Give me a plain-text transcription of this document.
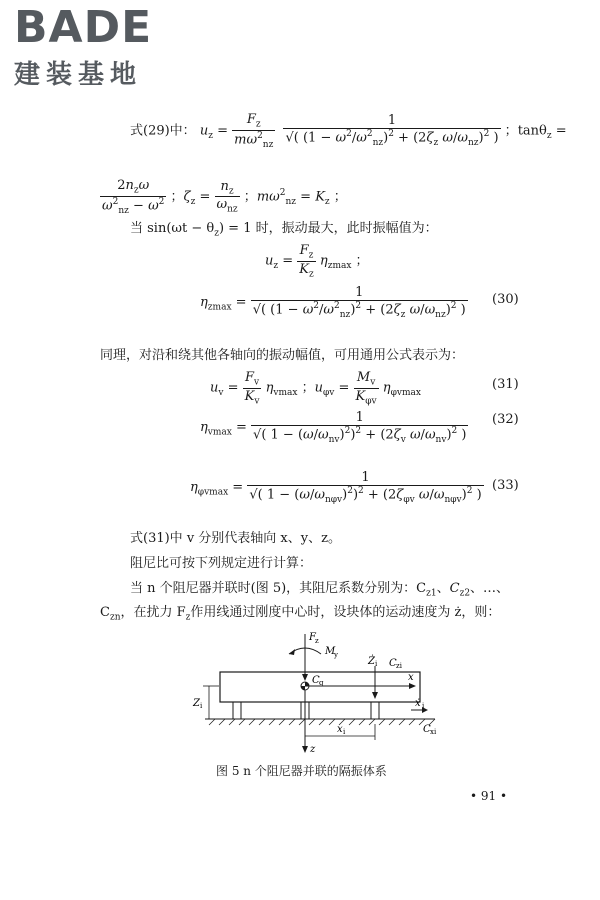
BADE
建装基地
式(29)中： $u_z = \frac{F_z}{m\omega^2_{nz}}$
$\frac{1}{√( (1 - \omega^2/\omega^2_{nz})^2 + (2\zeta_z \omega/\omega_{nz})^2 )}$ ；tanθ$_z$ =
$\frac{2n_z\omega}{\omega^2_{nz} - \omega^2}$ ；$\zeta_z = \frac{n_z}{\omega_{nz}}$ ；$m\omega^2_{nz} = K_z$ ；
当 $\sin(\omega t - \theta_z) = 1$ 时，振动最大，此时振幅值为：
$u_z = \frac{F_z}{K_z} \eta_{zmax}$ ；
$\eta_{zmax} = \frac{1}{√( (1 - \omega^2/\omega^2_{nz})^2 + (2\zeta_z \omega/\omega_{nz})^2 )} (30)$
同理，对沿和绕其他各轴向的振动幅值，可用通用公式表示为：
$u_v = \frac{F_v}{K_v} \eta_{vmax}$ ；$u_{\varphi v} = \frac{M_v}{K_{\varphi v}} \eta_{\varphi vmax}$
(31)
$\eta_{vmax} = \frac{1}{√( 1 - (\omega/\omega_{nv})^2)^2 + (2\zeta_v \omega/\omega_{nv})^2 )} (32)$
$\eta_{\varphi vmax} = \frac{1}{√( 1 - (\omega/\omega_{n\varphi v})^2)^2 + (2\zeta_{\varphi v} \omega/\omega_{n\varphi v})^2 )} (33)$
式(31)中 v 分别代表轴向 x、y、z。
阻尼比可按下列规定进行计算：
当 n 个阻尼器并联时(图 5)，其阻尼系数分别为：$C_{z1}$、$C_{z2}$、…、
$C_{zn}$，在扰力 $F_z$作用线通过刚度中心时，设块体的运动速度为 ż，则：
F z
M
y
Ż i C zi
C g	x
ẋ i
C xi
Z i
x i
z
图 5 n 个阻尼器并联的隔振体系
• 91 •
